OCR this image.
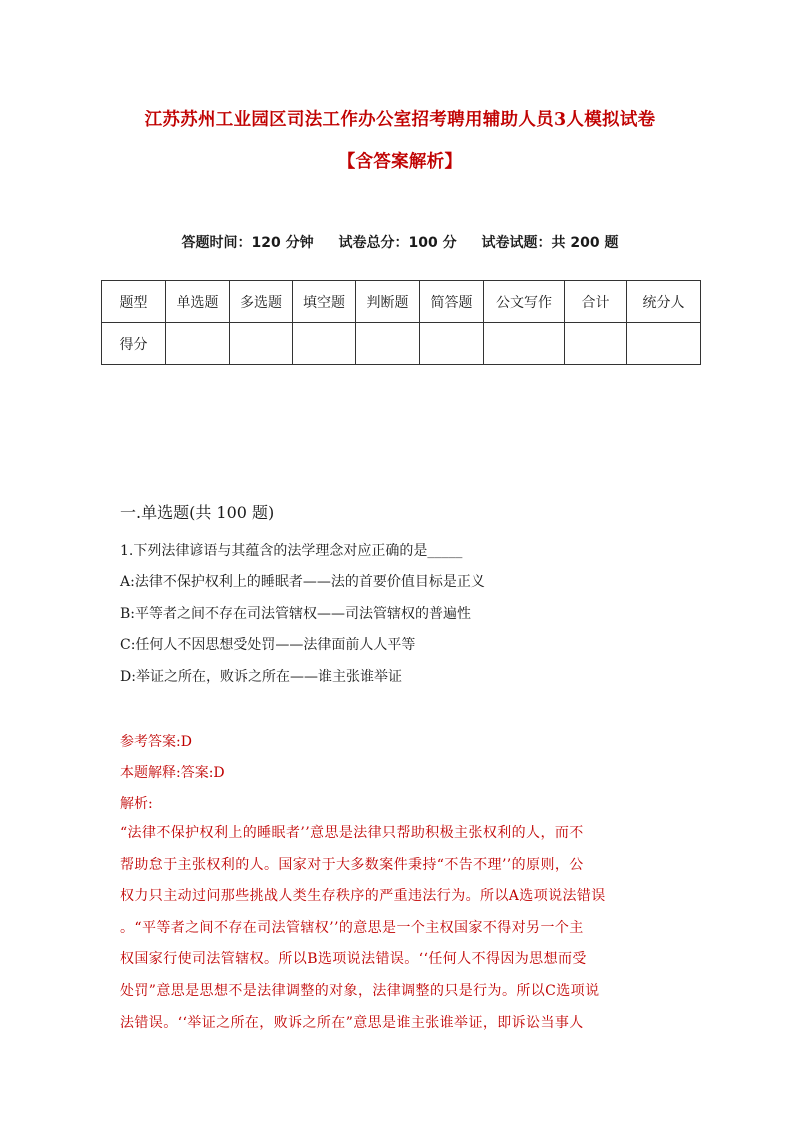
江苏苏州工业园区司法工作办公室招考聘用辅助人员3人模拟试卷
【含答案解析】
答题时间：120 分钟 试卷总分：100 分 试卷试题：共 200 题
题型	单选题	多选题	填空题	判断题	简答题	公文写作	合计	统分人
得分								
一.单选题(共 100 题)
1.下列法律谚语与其蕴含的法学理念对应正确的是_____
A:法律不保护权利上的睡眠者——法的首要价值目标是正义
B:平等者之间不存在司法管辖权——司法管辖权的普遍性
C:任何人不因思想受处罚——法律面前人人平等
D:举证之所在，败诉之所在——谁主张谁举证
参考答案:D
本题解释:答案:D
解析:
“法律不保护权利上的睡眠者’’意思是法律只帮助积极主张权利的人，而不
帮助怠于主张权利的人。国家对于大多数案件秉持“不告不理’’的原则，公
权力只主动过问那些挑战人类生存秩序的严重违法行为。所以A选项说法错误
。“平等者之间不存在司法管辖权’’的意思是一个主权国家不得对另一个主
权国家行使司法管辖权。所以B选项说法错误。‘‘任何人不得因为思想而受
处罚”意思是思想不是法律调整的对象，法律调整的只是行为。所以C选项说
法错误。‘‘举证之所在，败诉之所在”意思是谁主张谁举证，即诉讼当事人
